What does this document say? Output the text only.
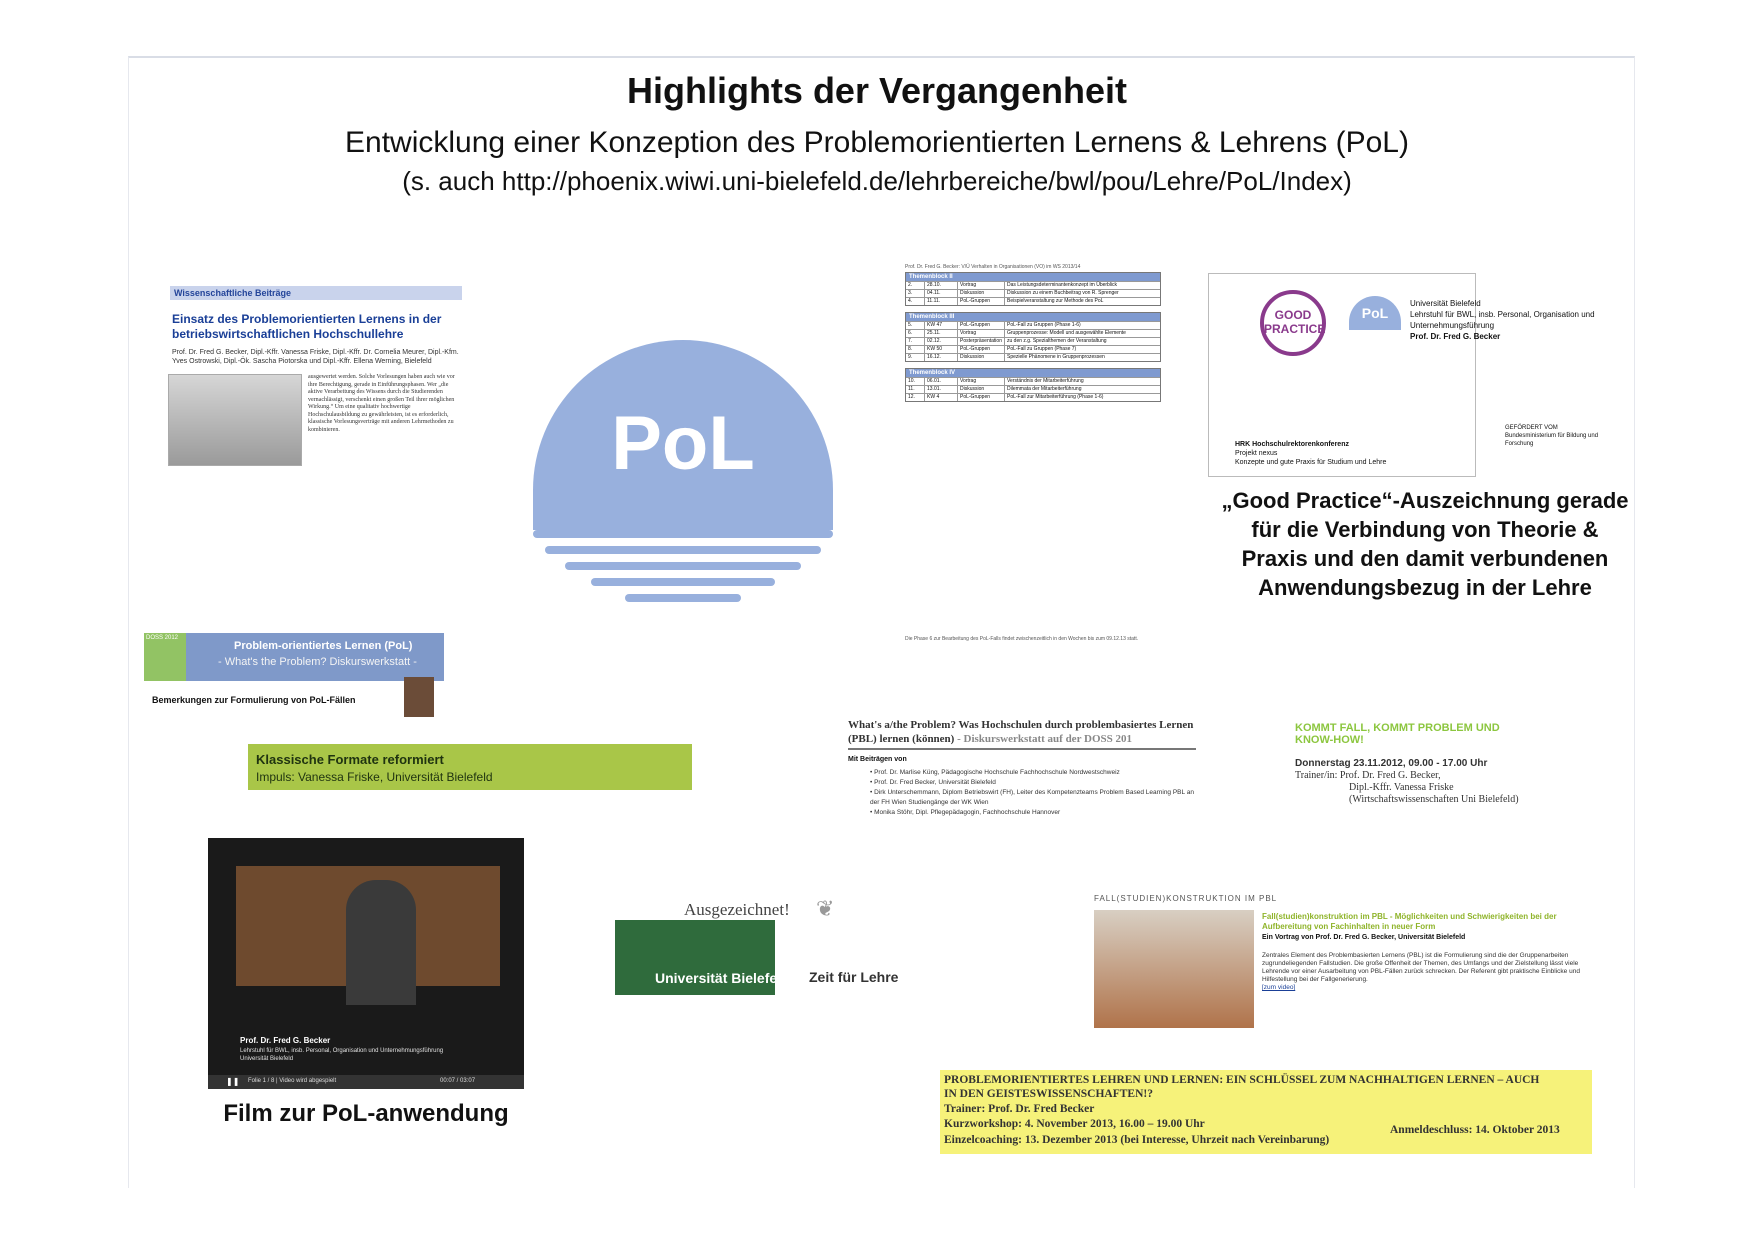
Highlights der Vergangenheit
Entwicklung einer Konzeption des Problemorientierten Lernens & Lehrens (PoL)
(s. auch http://phoenix.wiwi.uni-bielefeld.de/lehrbereiche/bwl/pou/Lehre/PoL/Index)
Wissenschaftliche Beiträge
Einsatz des Problemorientierten Lernens in der betriebswirtschaftlichen Hochschullehre
Prof. Dr. Fred G. Becker, Dipl.-Kffr. Vanessa Friske, Dipl.-Kffr. Dr. Cornelia Meurer, Dipl.-Kfm. Yves Ostrowski, Dipl.-Ök. Sascha Piotorska und Dipl.-Kffr. Ellena Werning, Bielefeld
ausgewertet werden. Solche Vorlesungen haben auch wie vor ihre Berechtigung, gerade in Einführungsphasen. Wer „die aktive Verarbeitung des Wissens durch die Studierenden vernachlässigt, verschenkt einen großen Teil ihrer möglichen Wirkung.“ Um eine qualitativ hochwertige Hochschulausbildung zu gewährleisten, ist es erforderlich, klassische Vorlesungsverträge mit anderen Lehrmethoden zu kombinieren.	PoL
Prof. Dr. Fred G. Becker: V/Ü Verhalten in Organisationen (VO) im WS 2013/14
Themenblock II
2.	28.10.	Vortrag	Das Leistungsdeterminantenkonzept im Überblick
3.	04.11.	Diskussion	Diskussion zu einem Buchbeitrag von R. Sprenger
4.	11.11.	PoL-Gruppen	Beispielveranstaltung zur Methode des PoL
Themenblock III
5.	KW 47	PoL-Gruppen	PoL-Fall zu Gruppen (Phase 1-6)
6.	25.11.	Vortrag	Gruppenprozesse: Modell und ausgewählte Elemente
7.	02.12.	Posterpräsentation	zu den z.g. Spezialthemen der Veranstaltung
8.	KW 50	PoL-Gruppen	PoL-Fall zu Gruppen (Phase 7)
9.	16.12.	Diskussion	Spezielle Phänomene in Gruppenprozessen
Themenblock IV
10.	06.01.	Vortrag	Verständnis der Mitarbeiterführung
11.	13.01.	Diskussion	Dilemmata der Mitarbeiterführung
12.	KW 4	PoL-Gruppen	PoL-Fall zur Mitarbeiterführung (Phase 1-6)
Die Phase 6 zur Bearbeitung des PoL-Falls findet zwischenzeitlich in den Wochen bis zum 09.12.13 statt.
GOOD PRACTICE
PoL
Universität Bielefeld
Lehrstuhl für BWL, insb. Personal, Organisation und Unternehmungsführung
Prof. Dr. Fred G. Becker
HRK Hochschulrektorenkonferenz
Projekt nexus
Konzepte und gute Praxis für Studium und Lehre
GEFÖRDERT VOM
Bundesministerium für Bildung und Forschung
„Good Practice“-Auszeichnung gerade für die Verbindung von Theorie & Praxis und den damit verbundenen Anwendungsbezug in der Lehre
DOSS 2012
Problem-orientiertes Lernen (PoL)
- What's the Problem? Diskurswerkstatt -
Bemerkungen zur Formulierung von PoL-Fällen
Klassische Formate reformiert
Impuls: Vanessa Friske, Universität Bielefeld
Prof. Dr. Fred G. Becker
Lehrstuhl für BWL, insb. Personal, Organisation und Unternehmungsführung
Universität Bielefeld
Folie 1 / 8 | Video wird abgespielt	00:07 / 03:07
❚❚
Film zur PoL-anwendung
Ausgezeichnet! ❦
Universität Bielefeld Zeit für Lehre
What's a/the Problem? Was Hochschulen durch problembasiertes Lernen (PBL) lernen (können) - Diskurswerkstatt auf der DOSS 201
Mit Beiträgen von
• Prof. Dr. Marlise Küng, Pädagogische Hochschule Fachhochschule Nordwestschweiz
• Prof. Dr. Fred Becker, Universität Bielefeld
• Dirk Unterschemmann, Diplom Betriebswirt (FH), Leiter des Kompetenzteams Problem Based Learning PBL an der FH Wien Studiengänge der WK Wien
• Monika Stöhr, Dipl. Pflegepädagogin, Fachhochschule Hannover
KOMMT FALL, KOMMT PROBLEM UND KNOW-HOW!
Donnerstag 23.11.2012, 09.00 - 17.00 Uhr
Trainer/in: Prof. Dr. Fred G. Becker,
Dipl.-Kffr. Vanessa Friske
(Wirtschaftswissenschaften Uni Bielefeld)
FALL(STUDIEN)KONSTRUKTION IM PBL
Fall(studien)konstruktion im PBL - Möglichkeiten und Schwierigkeiten bei der Aufbereitung von Fachinhalten in neuer Form
Ein Vortrag von Prof. Dr. Fred G. Becker, Universität Bielefeld
Zentrales Element des Problembasierten Lernens (PBL) ist die Formulierung sind die der Gruppenarbeiten zugrundeliegenden Fallstudien. Die große Offenheit der Themen, des Umfangs und der Zielstellung lässt viele Lehrende vor einer Ausarbeitung von PBL-Fällen zurück schrecken. Der Referent gibt praktische Einblicke und Hilfestellung bei der Fallgenerierung.
[zum video]
PROBLEMORIENTIERTES LEHREN UND LERNEN: EIN SCHLÜSSEL ZUM NACHHALTIGEN LERNEN – AUCH
IN DEN GEISTESWISSENSCHAFTEN!?
Trainer: Prof. Dr. Fred Becker
Kurzworkshop: 4. November 2013, 16.00 – 19.00 Uhr
Einzelcoaching: 13. Dezember 2013 (bei Interesse, Uhrzeit nach Vereinbarung)
Anmeldeschluss: 14. Oktober 2013
